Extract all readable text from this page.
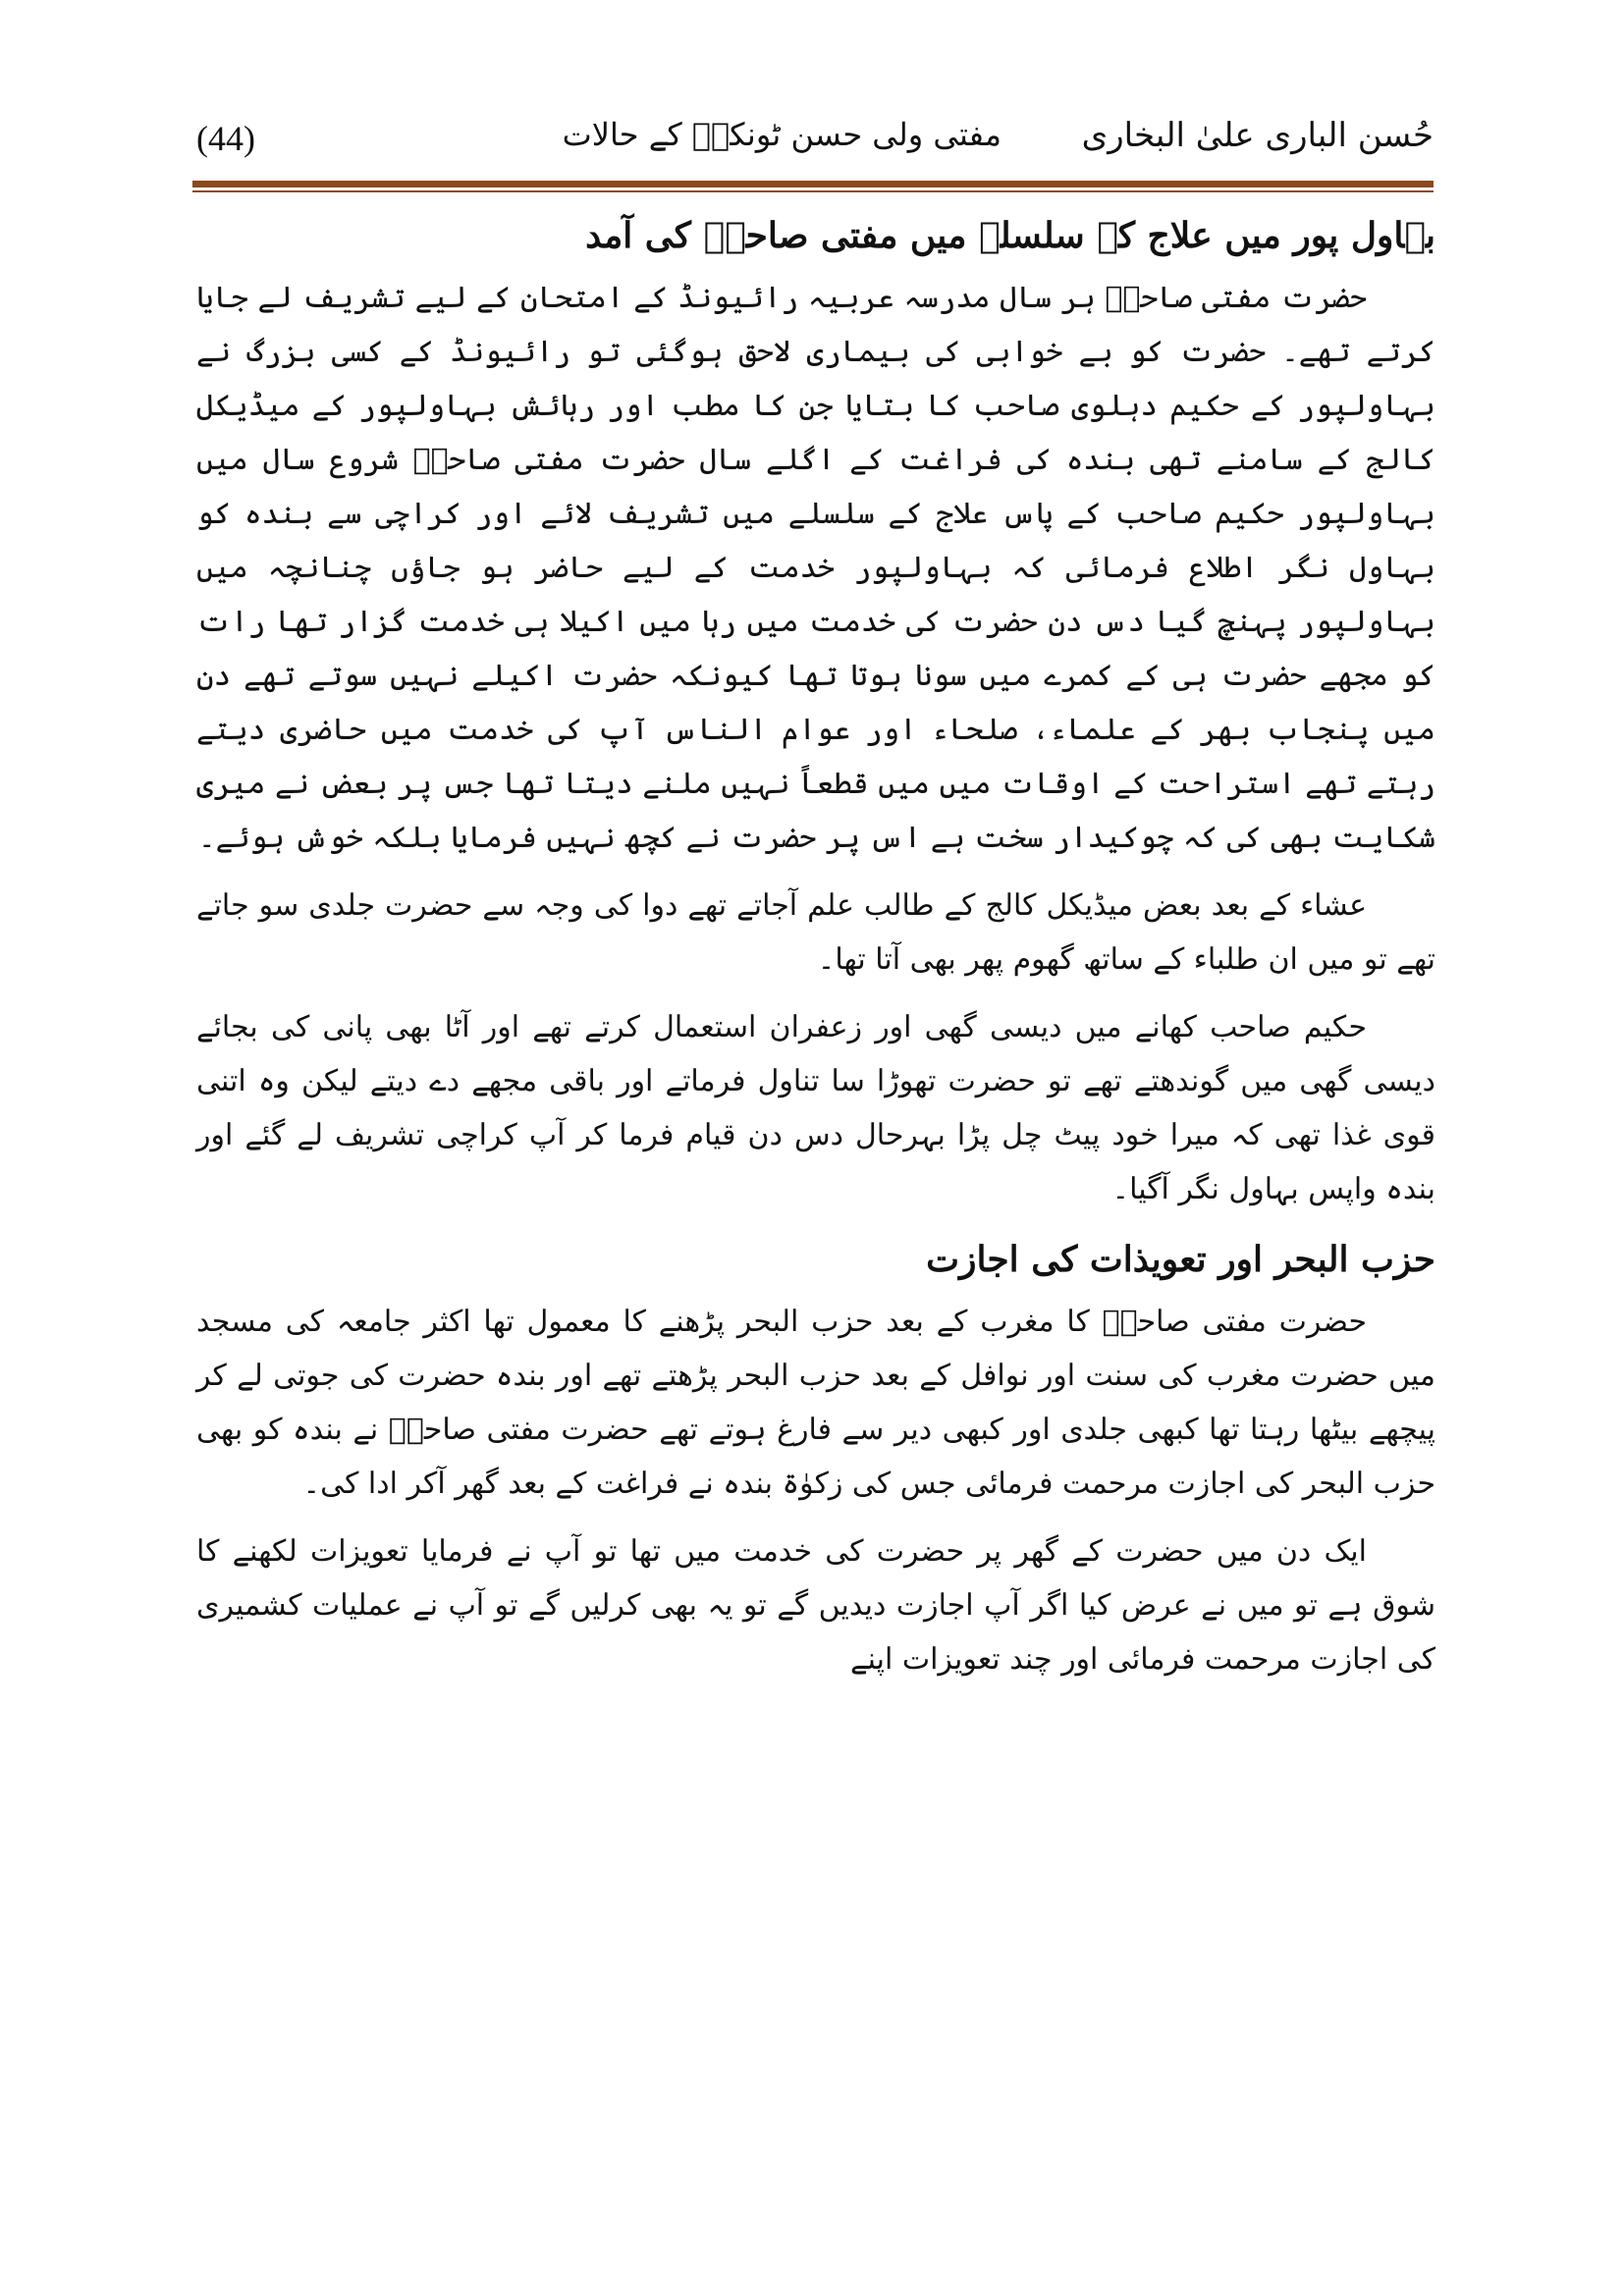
حُسن الباری علیٰ البخاری
مفتی ولی حسن ٹونکیؒ کے حالات
(44)
بہاول پور میں علاج کے سلسلے میں مفتی صاحبؒ کی آمد

حضرت مفتی صاحبؒ ہر سال مدرسہ عربیہ رائیونڈ کے امتحان کے لیے تشریف لے جایا کرتے تھے۔ حضرت کو بے خوابی کی بیماری لاحق ہوگئی تو رائیونڈ کے کسی بزرگ نے بہاولپور کے حکیم دہلوی صاحب کا بتایا جن کا مطب اور رہائش بہاولپور کے میڈیکل کالج کے سامنے تھی بندہ کی فراغت کے اگلے سال حضرت مفتی صاحبؒ شروع سال میں بہاولپور حکیم صاحب کے پاس علاج کے سلسلے میں تشریف لائے اور کراچی سے بندہ کو بہاول نگر اطلاع فرمائی کہ بہاولپور خدمت کے لیے حاضر ہو جاؤں چنانچہ میں بہاولپور پہنچ گیا دس دن حضرت کی خدمت میں رہا میں اکیلا ہی خدمت گزار تھا رات کو مجھے حضرت ہی کے کمرے میں سونا ہوتا تھا کیونکہ حضرت اکیلے نہیں سوتے تھے دن میں پنجاب بھر کے علماء، صلحاء اور عوام الناس آپ کی خدمت میں حاضری دیتے رہتے تھے استراحت کے اوقات میں میں قطعاً نہیں ملنے دیتا تھا جس پر بعض نے میری شکایت بھی کی کہ چوکیدار سخت ہے اس پر حضرت نے کچھ نہیں فرمایا بلکہ خوش ہوئے۔

عشاء کے بعد بعض میڈیکل کالج کے طالب علم آجاتے تھے دوا کی وجہ سے حضرت جلدی سو جاتے تھے تو میں ان طلباء کے ساتھ گھوم پھر بھی آتا تھا۔

حکیم صاحب کھانے میں دیسی گھی اور زعفران استعمال کرتے تھے اور آٹا بھی پانی کی بجائے دیسی گھی میں گوندھتے تھے تو حضرت تھوڑا سا تناول فرماتے اور باقی مجھے دے دیتے لیکن وہ اتنی قوی غذا تھی کہ میرا خود پیٹ چل پڑا بہرحال دس دن قیام فرما کر آپ کراچی تشریف لے گئے اور بندہ واپس بہاول نگر آگیا۔

حزب البحر اور تعویذات کی اجازت

حضرت مفتی صاحبؒ کا مغرب کے بعد حزب البحر پڑھنے کا معمول تھا اکثر جامعہ کی مسجد میں حضرت مغرب کی سنت اور نوافل کے بعد حزب البحر پڑھتے تھے اور بندہ حضرت کی جوتی لے کر پیچھے بیٹھا رہتا تھا کبھی جلدی اور کبھی دیر سے فارغ ہوتے تھے حضرت مفتی صاحبؒ نے بندہ کو بھی حزب البحر کی اجازت مرحمت فرمائی جس کی زکوٰۃ بندہ نے فراغت کے بعد گھر آکر ادا کی۔

ایک دن میں حضرت کے گھر پر حضرت کی خدمت میں تھا تو آپ نے فرمایا تعویزات لکھنے کا شوق ہے تو میں نے عرض کیا اگر آپ اجازت دیدیں گے تو یہ بھی کرلیں گے تو آپ نے عملیات کشمیری کی اجازت مرحمت فرمائی اور چند تعویزات اپنے
